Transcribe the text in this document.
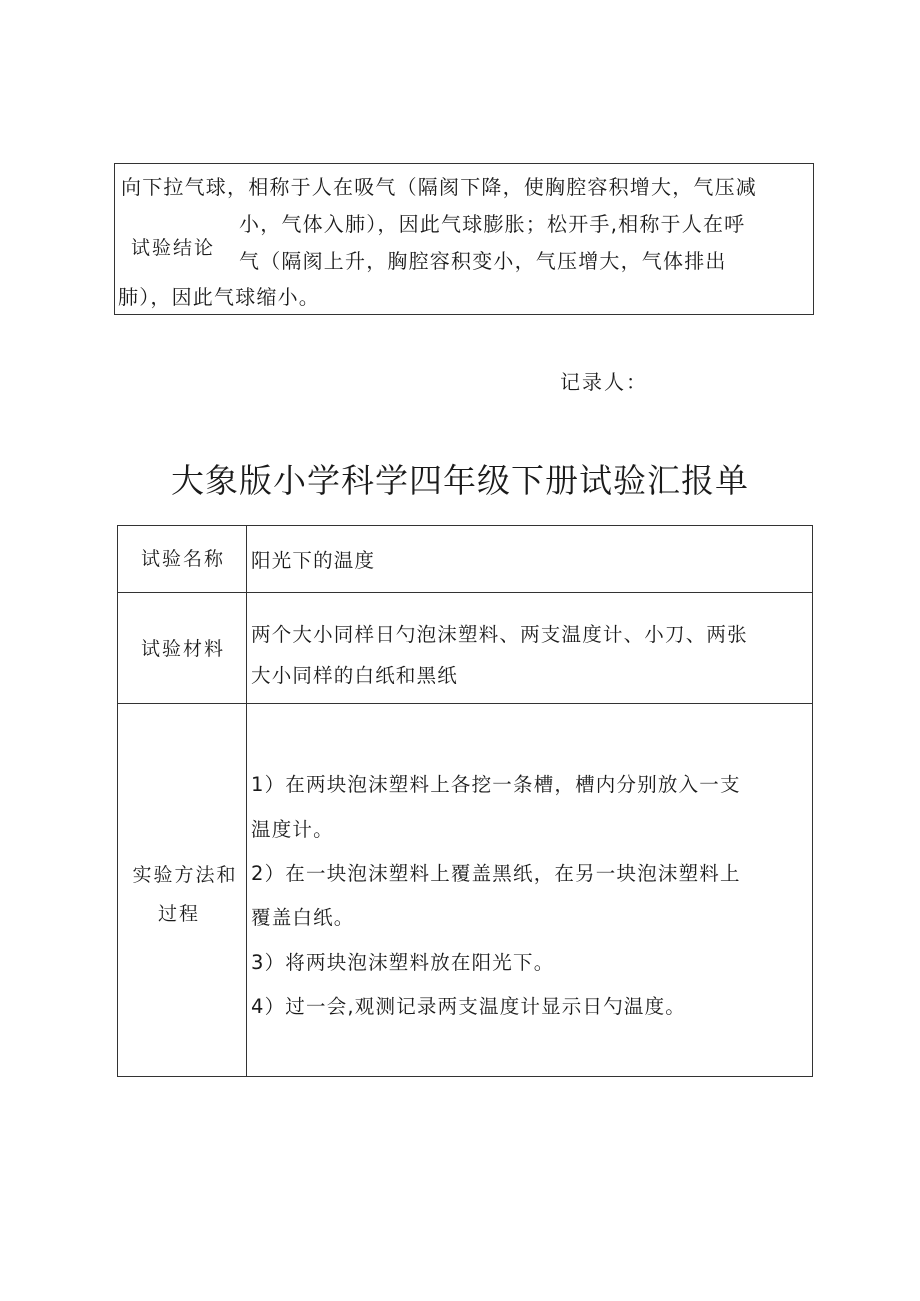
向下拉气球，相称于人在吸气（隔阂下降，使胸腔容积增大，气压减
试验结论
小，气体入肺），因此气球膨胀；松开手,相称于人在呼
气（隔阂上升，胸腔容积变小，气压增大，气体排出
肺），因此气球缩小。
记录人：
大象版小学科学四年级下册试验汇报单
试验名称	阳光下的温度
试验材料
两个大小同样日勺泡沫塑料、两支温度计、小刀、两张
大小同样的白纸和黑纸
实验方法和
过程
1）在两块泡沫塑料上各挖一条槽，槽内分别放入一支
温度计。
2）在一块泡沫塑料上覆盖黑纸，在另一块泡沫塑料上
覆盖白纸。
3）将两块泡沫塑料放在阳光下。
4）过一会,观测记录两支温度计显示日勺温度。
